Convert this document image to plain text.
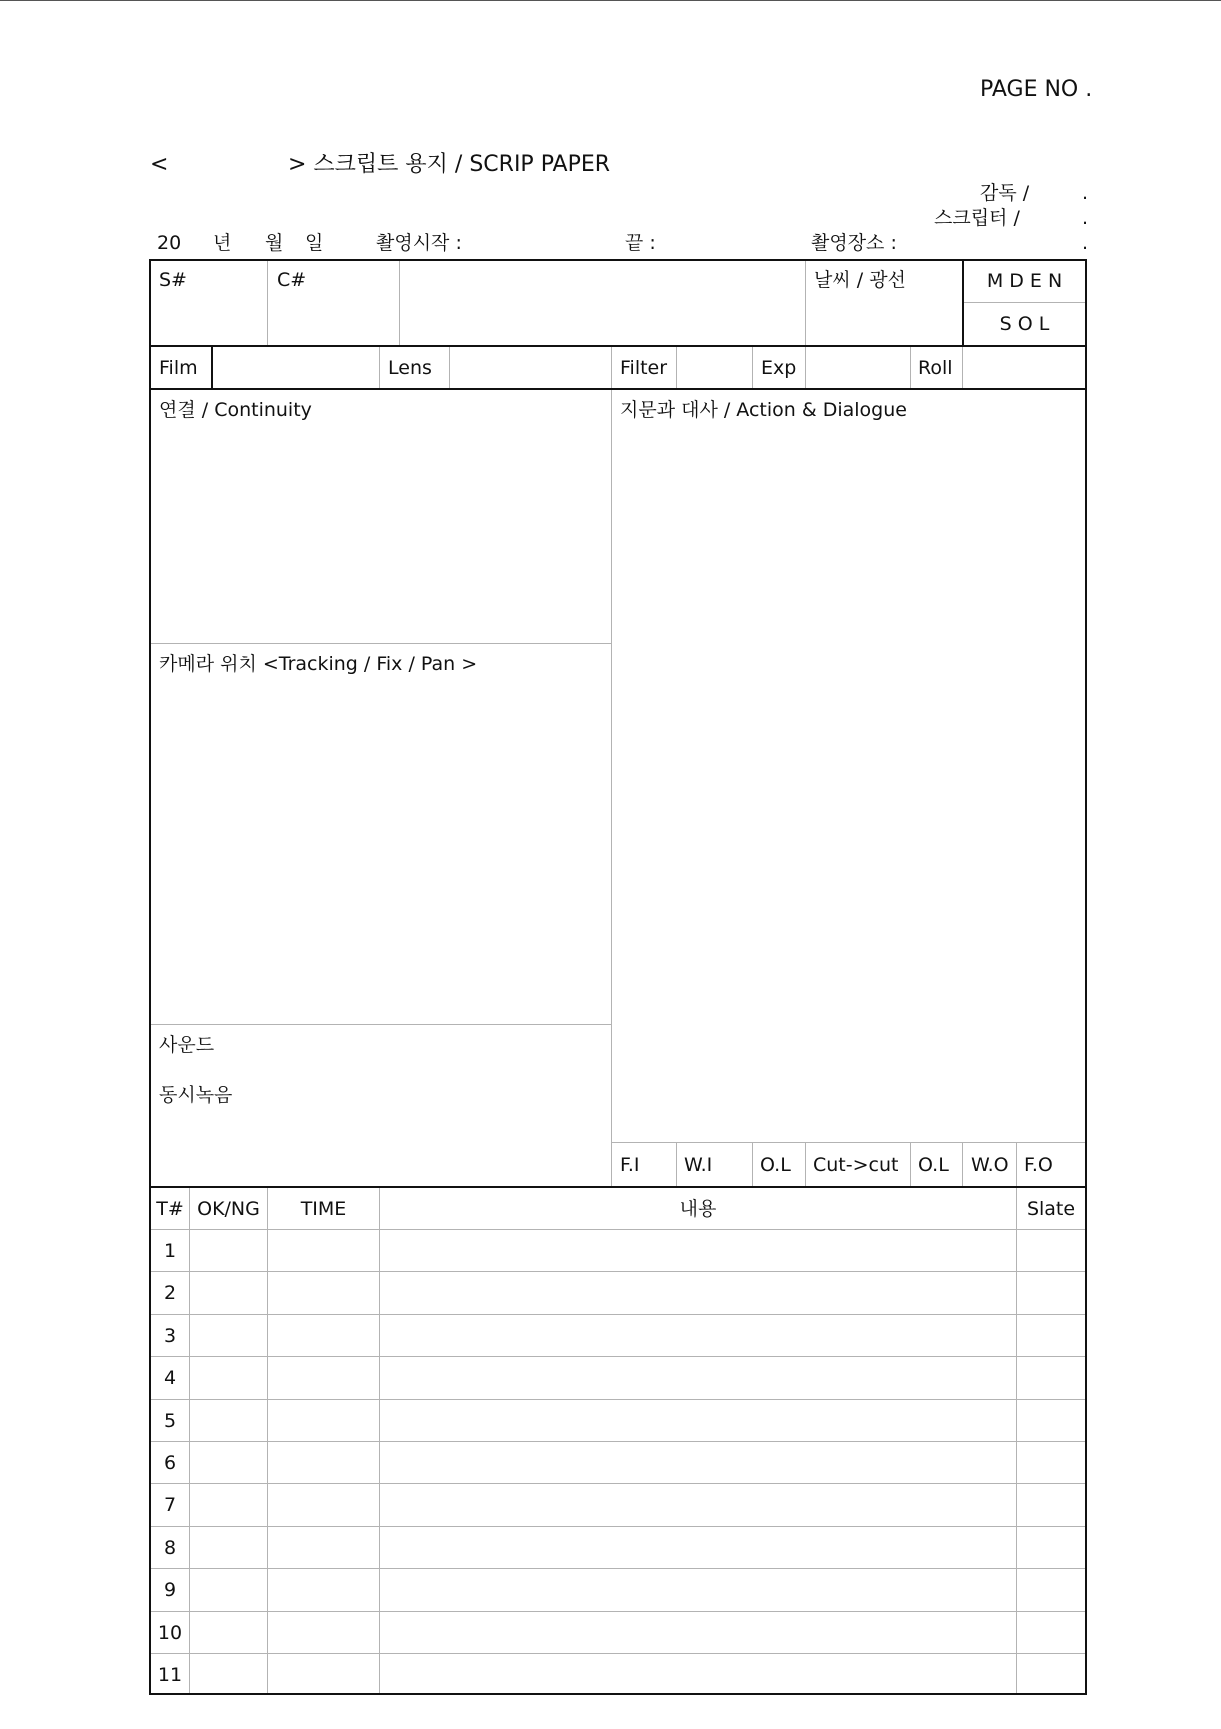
PAGE NO .
<	> 스크립트 용지 / SCRIP PAPER
감독 /	.
스크립터 /	.
20 년 월 일	촬영시작 :	끝 :	촬영장소 :	.
S#	C#	날씨 / 광선	M D E N
S O L
Film	Lens	Filter	Exp	Roll
연결 / Continuity
카메라 위치 <Tracking / Fix / Pan >
사운드
동시녹음
지문과 대사 / Action & Dialogue
F.I W.I	O.L Cut->cut O.L W.O F.O
T# OK/NG	TIME	내용	Slate
1
2
3
4
5
6
7
8
9
10
11
